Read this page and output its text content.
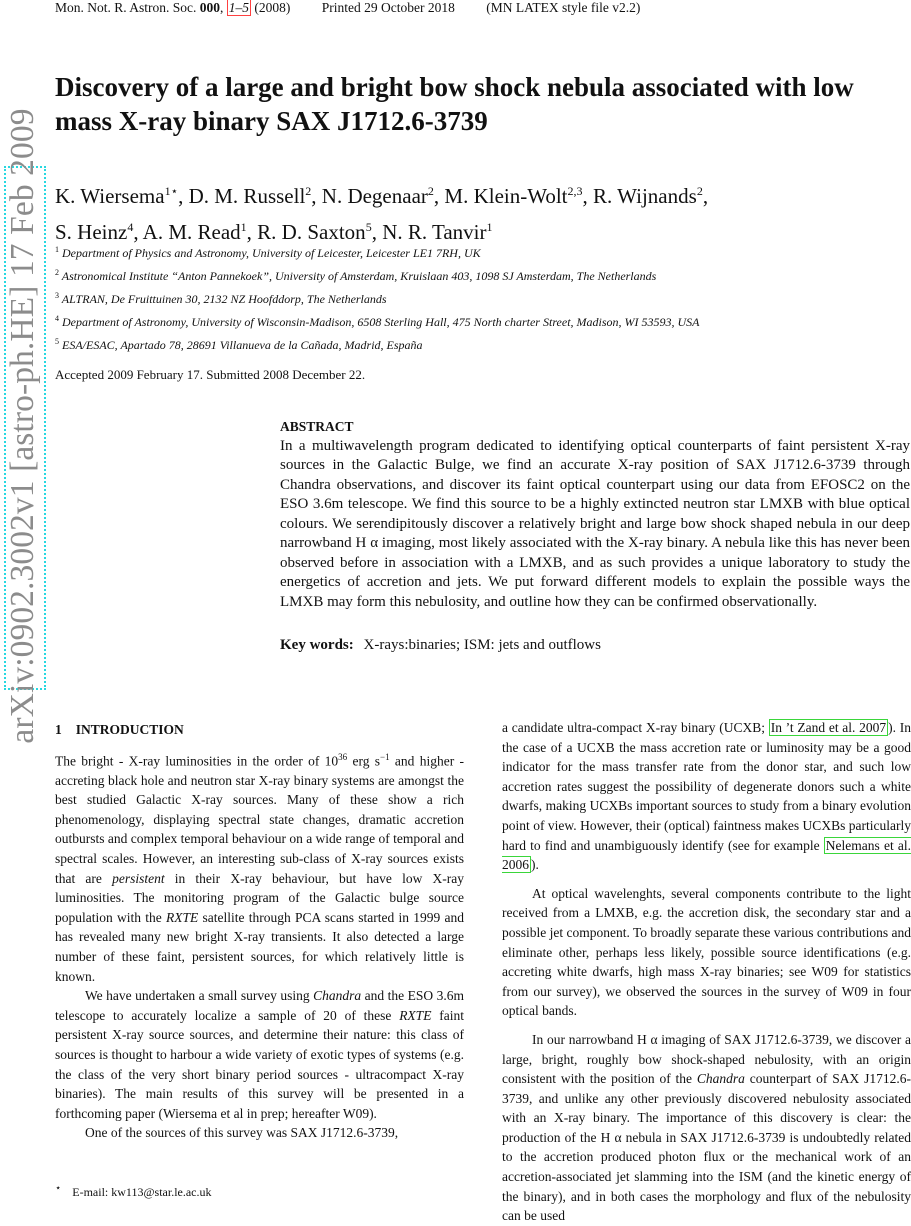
Mon. Not. R. Astron. Soc. 000, 1–5 (2008) Printed 29 October 2018 (MN LATEX style file v2.2)
arXiv:0902.3002v1 [astro-ph.HE] 17 Feb 2009
Discovery of a large and bright bow shock nebula associated with low mass X-ray binary SAX J1712.6-3739
K. Wiersema$^{1⋆}$, D. M. Russell$^2$, N. Degenaar$^2$, M. Klein-Wolt$^{2,3}$, R. Wijnands$^2$,
S. Heinz$^4$, A. M. Read$^1$, R. D. Saxton$^5$, N. R. Tanvir$^1$
$^1$ Department of Physics and Astronomy, University of Leicester, Leicester LE1 7RH, UK
$^2$ Astronomical Institute “Anton Pannekoek”, University of Amsterdam, Kruislaan 403, 1098 SJ Amsterdam, The Netherlands
$^3$ ALTRAN, De Fruittuinen 30, 2132 NZ Hoofddorp, The Netherlands
$^4$ Department of Astronomy, University of Wisconsin-Madison, 6508 Sterling Hall, 475 North charter Street, Madison, WI 53593, USA
$^5$ ESA/ESAC, Apartado 78, 28691 Villanueva de la Cañada, Madrid, España
Accepted 2009 February 17. Submitted 2008 December 22.
ABSTRACT
In a multiwavelength program dedicated to identifying optical counterparts of faint persistent X-ray sources in the Galactic Bulge, we find an accurate X-ray position of SAX J1712.6-3739 through Chandra observations, and discover its faint optical counterpart using our data from EFOSC2 on the ESO 3.6m telescope. We find this source to be a highly extincted neutron star LMXB with blue optical colours. We serendipitously discover a relatively bright and large bow shock shaped nebula in our deep narrowband H α imaging, most likely associated with the X-ray binary. A nebula like this has never been observed before in association with a LMXB, and as such provides a unique laboratory to study the energetics of accretion and jets. We put forward different models to explain the possible ways the LMXB may form this nebulosity, and outline how they can be confirmed observationally.
Key words: X-rays:binaries; ISM: jets and outflows
1 INTRODUCTION

The bright - X-ray luminosities in the order of $10^{36}$ erg $s^{-1}$ and higher - accreting black hole and neutron star X-ray binary systems are amongst the best studied Galactic X-ray sources. Many of these show a rich phenomenology, displaying spectral state changes, dramatic accretion outbursts and complex temporal behaviour on a wide range of temporal and spectral scales. However, an interesting sub-class of X-ray sources exists that are persistent in their X-ray behaviour, but have low X-ray luminosities. The monitoring program of the Galactic bulge source population with the RXTE satellite through PCA scans started in 1999 and has revealed many new bright X-ray transients. It also detected a large number of these faint, persistent sources, for which relatively little is known.

We have undertaken a small survey using Chandra and the ESO 3.6m telescope to accurately localize a sample of 20 of these RXTE faint persistent X-ray source sources, and determine their nature: this class of sources is thought to harbour a wide variety of exotic types of systems (e.g. the class of the very short binary period sources - ultracompact X-ray binaries). The main results of this survey will be presented in a forthcoming paper (Wiersema et al in prep; hereafter W09).

One of the sources of this survey was SAX J1712.6-3739,

a candidate ultra-compact X-ray binary (UCXB; In ’t Zand et al. 2007 ). In the case of a UCXB the mass accretion rate or luminosity may be a good indicator for the mass transfer rate from the donor star, and such low accretion rates suggest the possibility of degenerate donors such a white dwarfs, making UCXBs important sources to study from a binary evolution point of view. However, their (optical) faintness makes UCXBs particularly hard to find and unambiguously identify (see for example Nelemans et al. 2006 ).

At optical wavelenghts, several components contribute to the light received from a LMXB, e.g. the accretion disk, the secondary star and a possible jet component. To broadly separate these various contributions and eliminate other, perhaps less likely, possible source identifications (e.g. accreting white dwarfs, high mass X-ray binaries; see W09 for statistics from our survey), we observed the sources in the survey of W09 in four optical bands.

In our narrowband H α imaging of SAX J1712.6-3739, we discover a large, bright, roughly bow shock-shaped nebulosity, with an origin consistent with the position of the Chandra counterpart of SAX J1712.6-3739, and unlike any other previously discovered nebulosity associated with an X-ray binary. The importance of this discovery is clear: the production of the H α nebula in SAX J1712.6-3739 is undoubtedly related to the accretion produced photon flux or the mechanical work of an accretion-associated jet slamming into the ISM (and the kinetic energy of the binary), and in both cases the morphology and flux of the nebulosity can be used

⋆ E-mail: kw113@star.le.ac.uk
